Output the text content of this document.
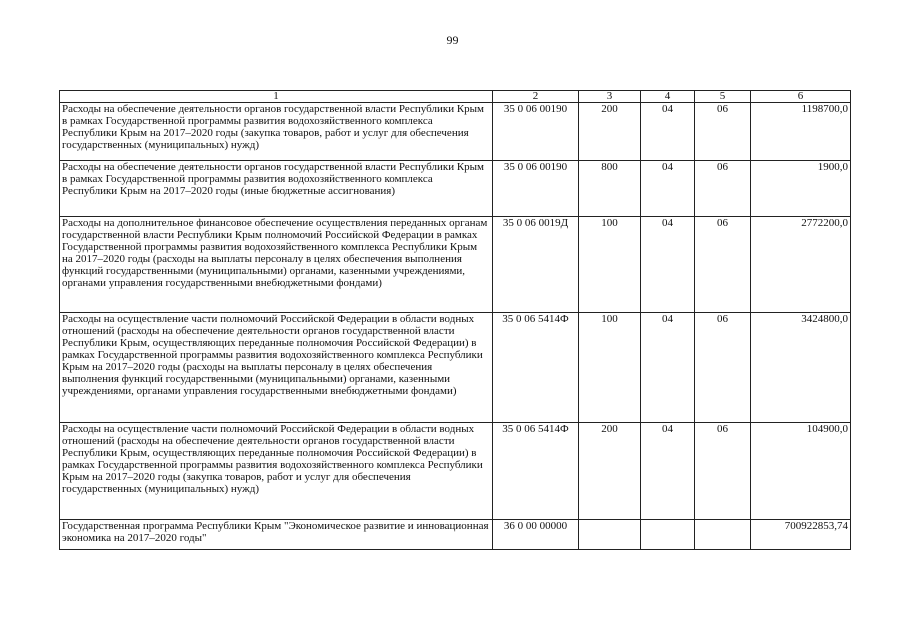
99
1	2	3	4	5	6
Расходы на обеспечение деятельности органов государственной власти Республики Крым в рамках Государственной программы развития водохозяйственного комплекса Республики Крым на 2017–2020 годы (закупка товаров, работ и услуг для обеспечения государственных (муниципальных) нужд)	35 0 06 00190	200	04	06	1198700,0
Расходы на обеспечение деятельности органов государственной власти Республики Крым в рамках Государственной программы развития водохозяйственного комплекса Республики Крым на 2017–2020 годы (иные бюджетные ассигнования)	35 0 06 00190	800	04	06	1900,0
Расходы на дополнительное финансовое обеспечение осуществления переданных органам государственной власти Республики Крым полномочий Российской Федерации в рамках Государственной программы развития водохозяйственного комплекса Республики Крым на 2017–2020 годы (расходы на выплаты персоналу в целях обеспечения выполнения функций государственными (муниципальными) органами, казенными учреждениями, органами управления государственными внебюджетными фондами)	35 0 06 0019Д	100	04	06	2772200,0
Расходы на осуществление части полномочий Российской Федерации в области водных отношений (расходы на обеспечение деятельности органов государственной власти Республики Крым, осуществляющих переданные полномочия Российской Федерации) в рамках Государственной программы развития водохозяйственного комплекса Республики Крым на 2017–2020 годы (расходы на выплаты персоналу в целях обеспечения выполнения функций государственными (муниципальными) органами, казенными учреждениями, органами управления государственными внебюджетными фондами)	35 0 06 5414Ф	100	04	06	3424800,0
Расходы на осуществление части полномочий Российской Федерации в области водных отношений (расходы на обеспечение деятельности органов государственной власти Республики Крым, осуществляющих переданные полномочия Российской Федерации) в рамках Государственной программы развития водохозяйственного комплекса Республики Крым на 2017–2020 годы (закупка товаров, работ и услуг для обеспечения государственных (муниципальных) нужд)	35 0 06 5414Ф	200	04	06	104900,0
Государственная программа Республики Крым "Экономическое развитие и инновационная экономика на 2017–2020 годы"	36 0 00 00000				700922853,74
